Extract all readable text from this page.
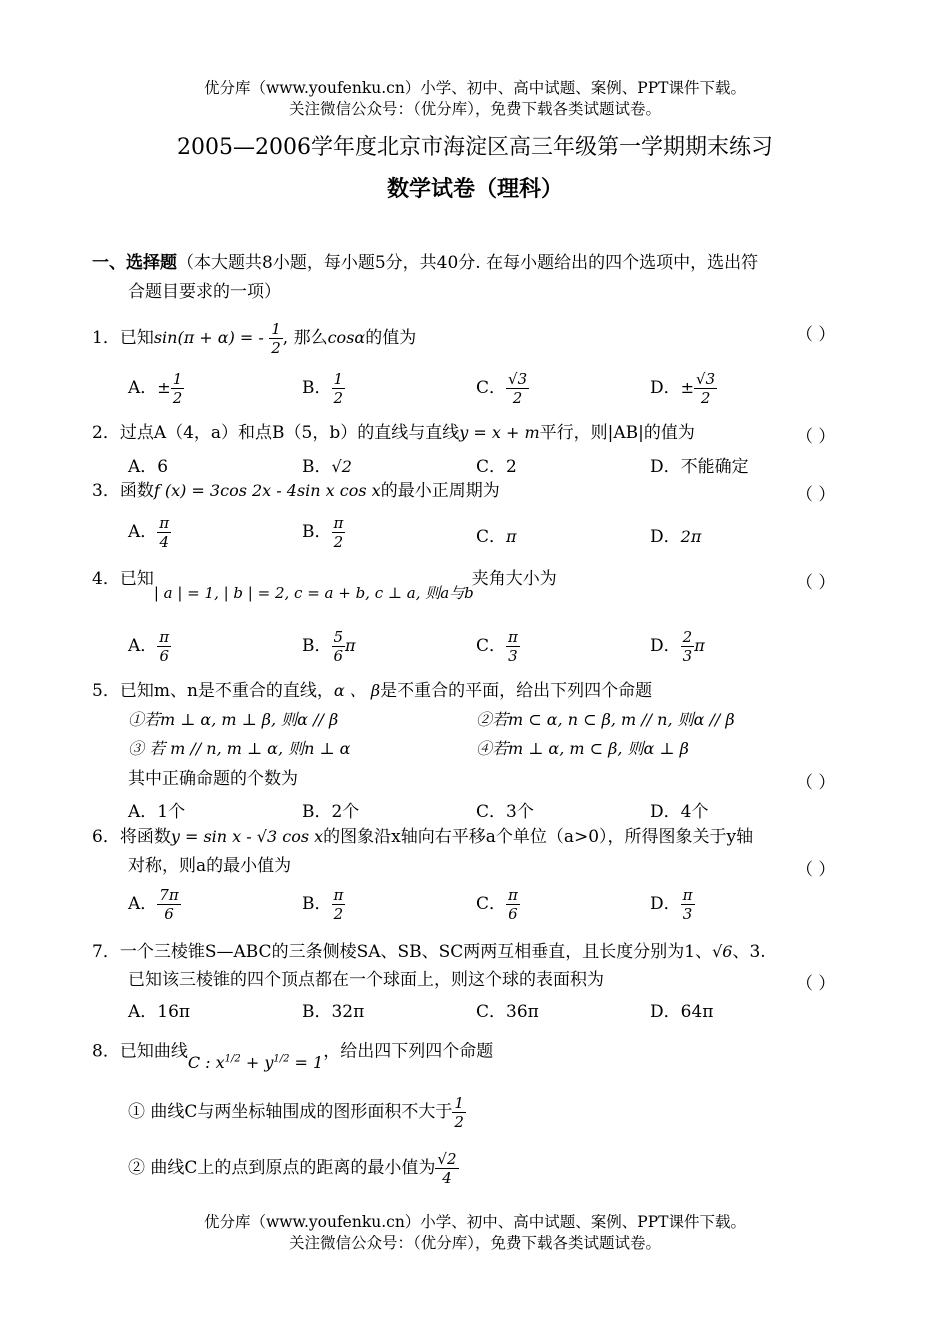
优分库（www.youfenku.cn）小学、初中、高中试题、案例、PPT课件下载。
关注微信公众号：（优分库），免费下载各类试题试卷。
2005—2006学年度北京市海淀区高三年级第一学期期末练习
数学试卷（理科）
一、选择题（本大题共8小题，每小题5分，共40分. 在每小题给出的四个选项中，选出符
合题目要求的一项）
1．已知sin(π + α) = - $\frac{1}{2}$ , 那么cosα的值为	（ ）
A．± $\frac{1}{2}$	B． $\frac{1}{2}$	C． $\frac{√3}{2}$	D．± $\frac{√3}{2}$
2．过点A（4，a）和点B（5，b）的直线与直线y = x + m平行，则|AB|的值为	（ ）
A．6	B．√2	C．2	D．不能确定
3．函数f (x) = 3cos 2x - 4sin x cos x的最小正周期为	（ ）
A． $\frac{\pi}{4}$	B． $\frac{\pi}{2}$	C．π	D．2π
4．已知| a | = 1, | b | = 2, c = a + b, c ⊥ a, 则a与b夹角大小为	（ ）
A． $\frac{\pi}{6}$	B． $\frac{5}{6}$ π	C． $\frac{\pi}{3}$	D． $\frac{2}{3}$ π
5．已知m、n是不重合的直线，α 、 β是不重合的平面，给出下列四个命题
①若m ⊥ α, m ⊥ β, 则α // β	②若m ⊂ α, n ⊂ β, m // n, 则α // β
③ 若 m // n, m ⊥ α, 则n ⊥ α	④若m ⊥ α, m ⊂ β, 则α ⊥ β
其中正确命题的个数为	（ ）
A．1个	B．2个	C．3个	D．4个
6．将函数y = sin x - √3 cos x的图象沿x轴向右平移a个单位（a>0），所得图象关于y轴
对称，则a的最小值为	（ ）
A． $\frac{7\pi}{6}$	B． $\frac{\pi}{2}$	C． $\frac{\pi}{6}$	D． $\frac{\pi}{3}$
7．一个三棱锥S—ABC的三条侧棱SA、SB、SC两两互相垂直，且长度分别为1、√6、3.
已知该三棱锥的四个顶点都在一个球面上，则这个球的表面积为	（ ）
A．16π	B．32π	C．36π	D．64π
8．已知曲线C : $x^{1/2} + y^{1/2} = 1$，给出四下列四个命题
① 曲线C与两坐标轴围成的图形面积不大于 $\frac{1}{2}$
② 曲线C上的点到原点的距离的最小值为 $\frac{√2}{4}$
优分库（www.youfenku.cn）小学、初中、高中试题、案例、PPT课件下载。
关注微信公众号：（优分库），免费下载各类试题试卷。
